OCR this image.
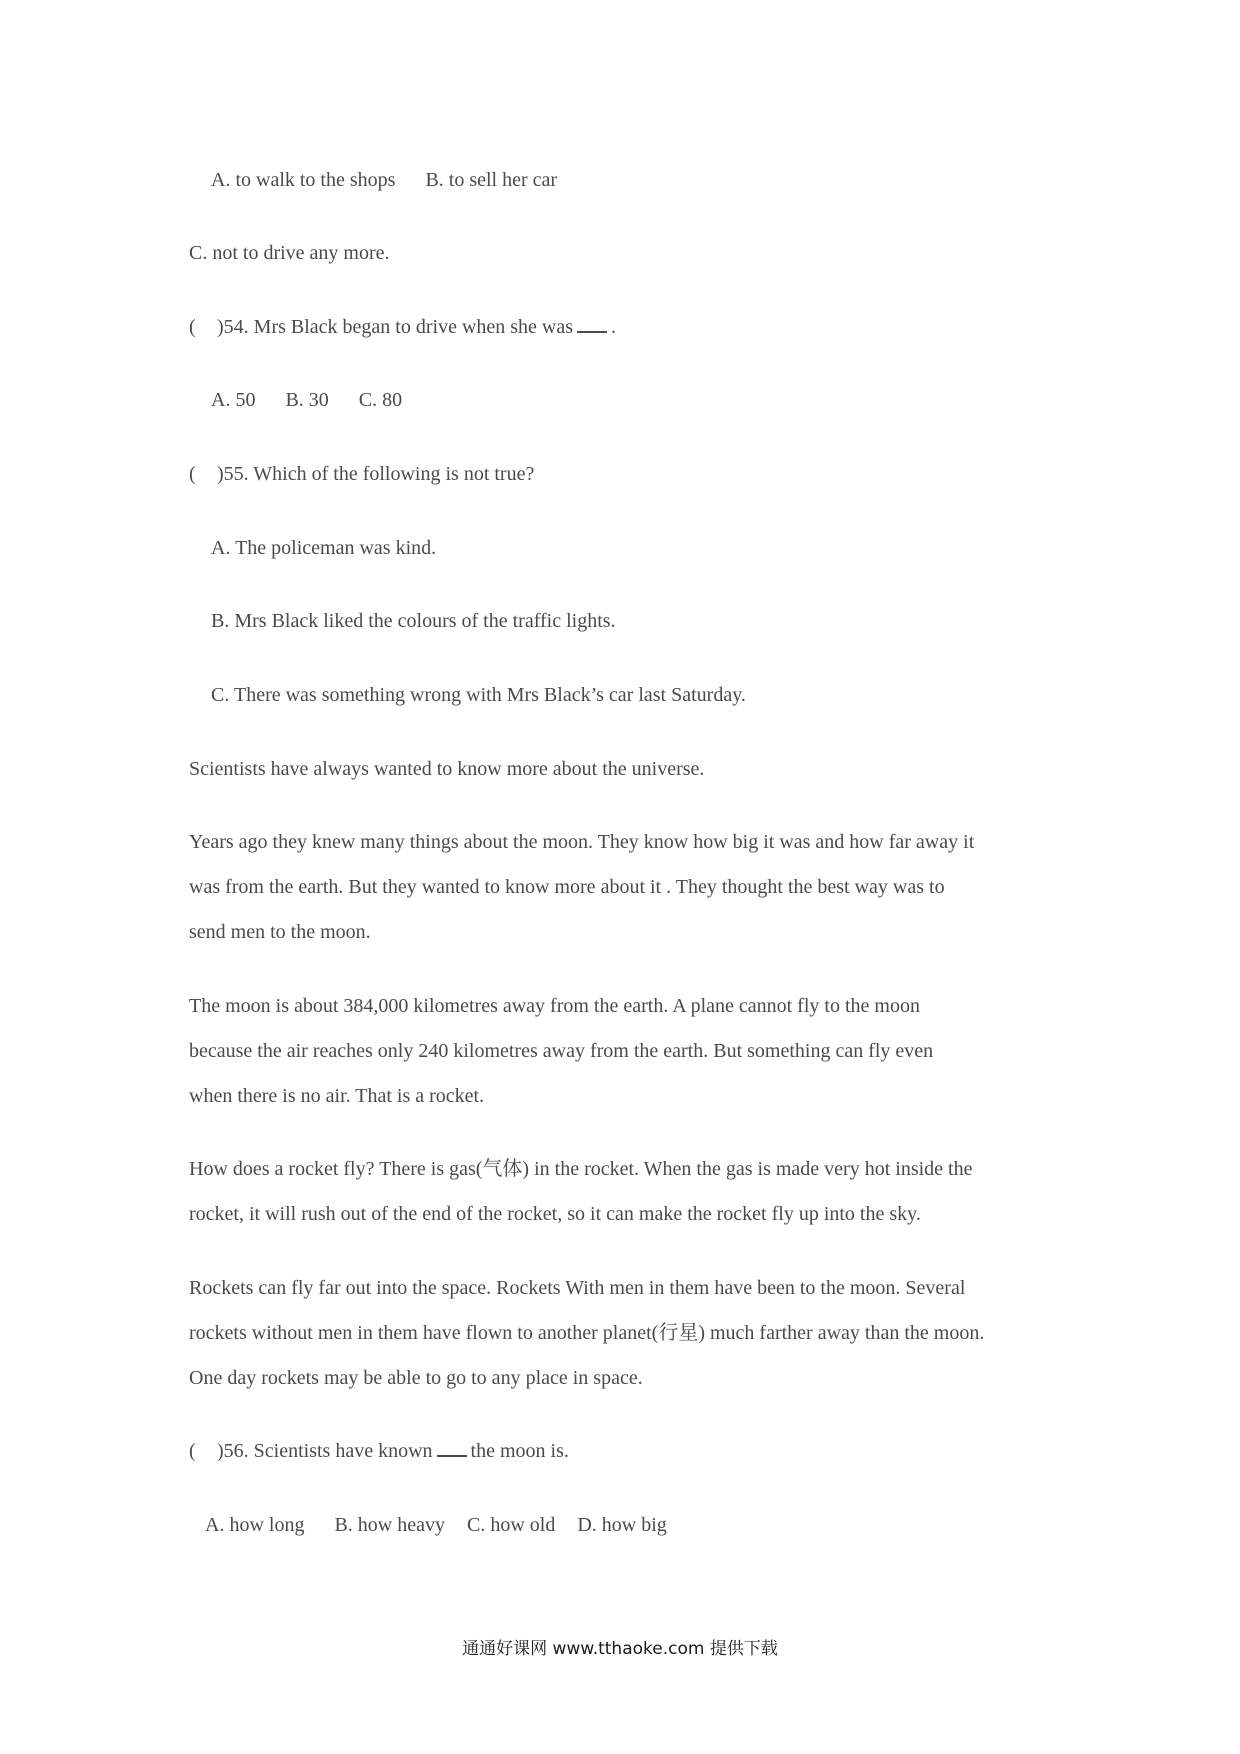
A. to walk to the shops B. to sell her car
C. not to drive any more.
( )54. Mrs Black began to drive when she was .
A. 50 B. 30 C. 80
( )55. Which of the following is not true?
A. The policeman was kind.
B. Mrs Black liked the colours of the traffic lights.
C. There was something wrong with Mrs Black’s car last Saturday.
Scientists have always wanted to know more about the universe.
Years ago they knew many things about the moon. They know how big it was and how far away it
was from the earth. But they wanted to know more about it . They thought the best way was to
send men to the moon.
The moon is about 384,000 kilometres away from the earth. A plane cannot fly to the moon
because the air reaches only 240 kilometres away from the earth. But something can fly even
when there is no air. That is a rocket.
How does a rocket fly? There is gas(气体) in the rocket. When the gas is made very hot inside the
rocket, it will rush out of the end of the rocket, so it can make the rocket fly up into the sky.
Rockets can fly far out into the space. Rockets With men in them have been to the moon. Several
rockets without men in them have flown to another planet(行星) much farther away than the moon.
One day rockets may be able to go to any place in space.
( )56. Scientists have known the moon is.
A. how long B. how heavy C. how old D. how big
通通好课网 www.tthaoke.com 提供下载
